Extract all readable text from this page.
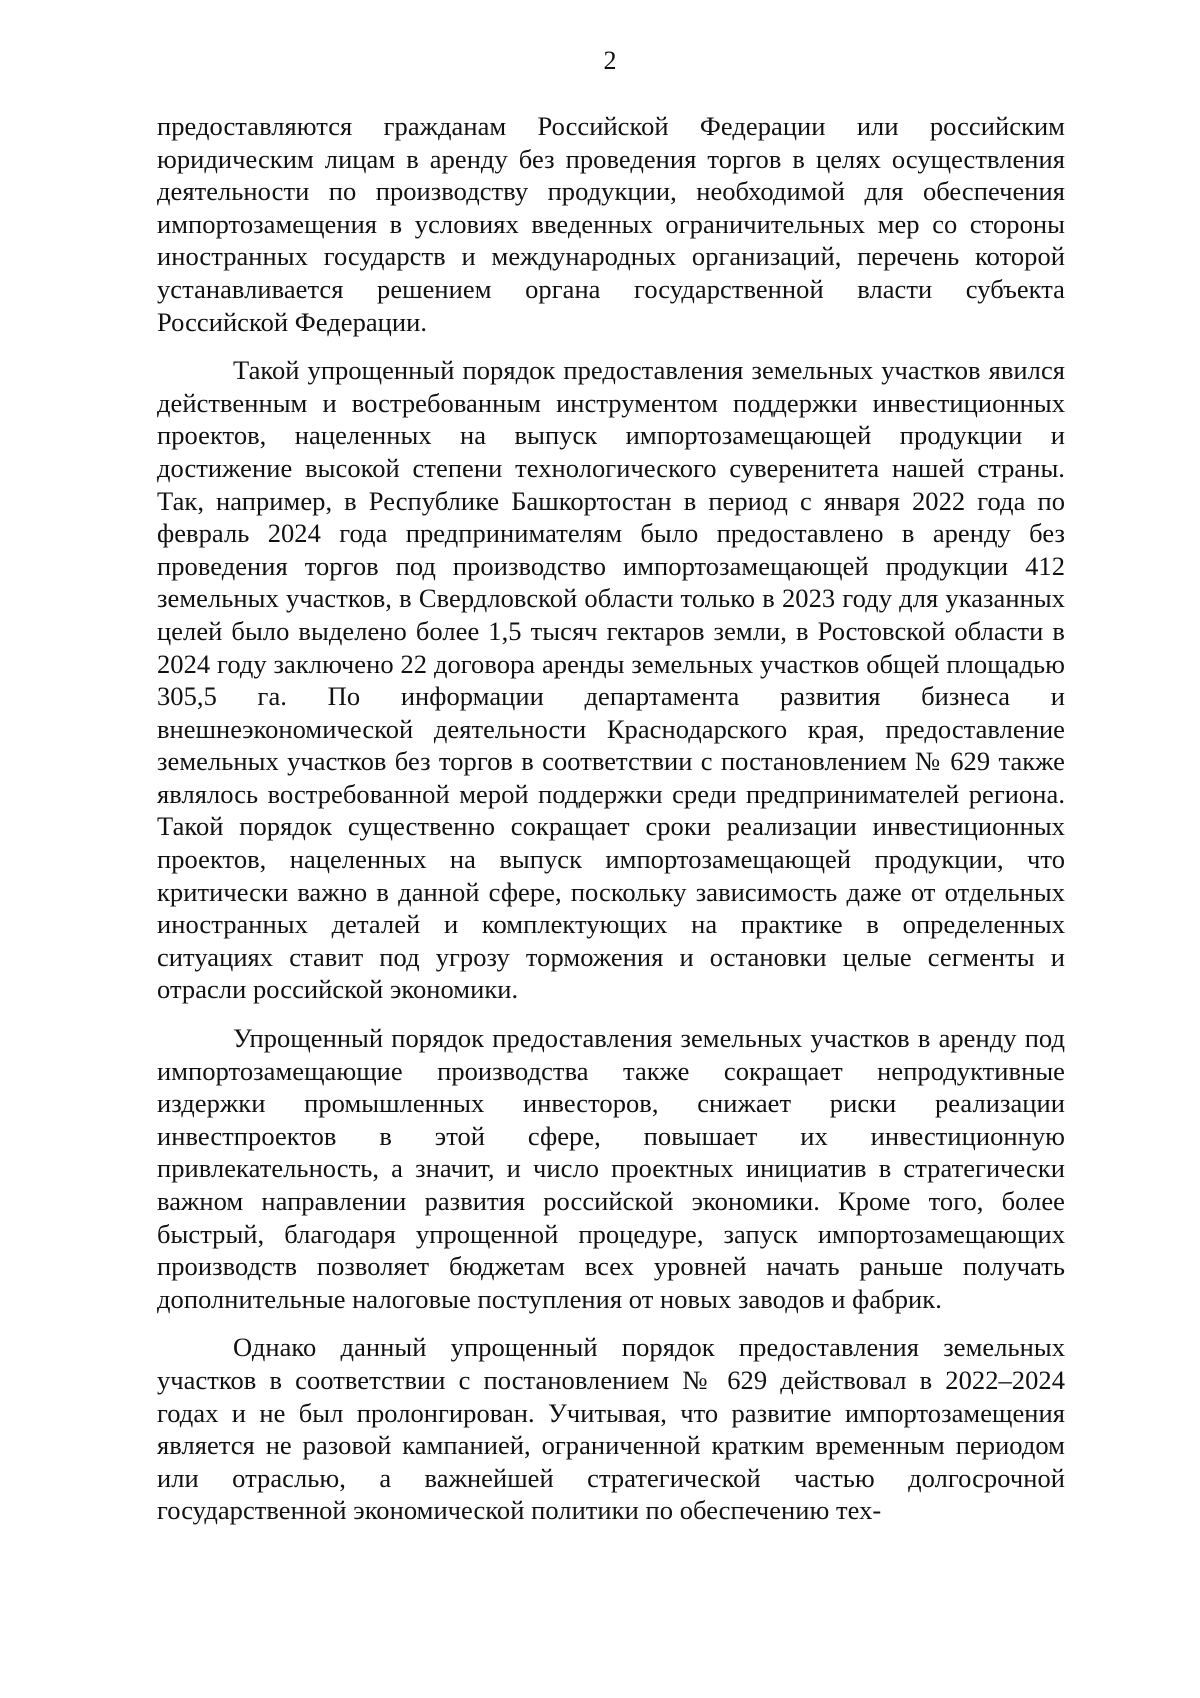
2

предоставляются гражданам Российской Федерации или российским юридическим лицам в аренду без проведения торгов в целях осуществления деятельности по производству продукции, необходимой для обеспечения импортозамещения в условиях введенных ограничительных мер со стороны иностранных государств и международных организаций, перечень которой устанавливается решением органа государственной власти субъекта Российской Федерации.

Такой упрощенный порядок предоставления земельных участков явился действенным и востребованным инструментом поддержки инвестиционных проектов, нацеленных на выпуск импортозамещающей продукции и достижение высокой степени технологического суверенитета нашей страны. Так, например, в Республике Башкортостан в период с января 2022 года по февраль 2024 года предпринимателям было предоставлено в аренду без проведения торгов под производство импортозамещающей продукции 412 земельных участков, в Свердловской области только в 2023 году для указанных целей было выделено более 1,5 тысяч гектаров земли, в Ростовской области в 2024 году заключено 22 договора аренды земельных участков общей площадью 305,5 га. По информации департамента развития бизнеса и внешнеэкономической деятельности Краснодарского края, предоставление земельных участков без торгов в соответствии с постановлением № 629 также являлось востребованной мерой поддержки среди предпринимателей региона. Такой порядок существенно сокращает сроки реализации инвестиционных проектов, нацеленных на выпуск импортозамещающей продукции, что критически важно в данной сфере, поскольку зависимость даже от отдельных иностранных деталей и комплектующих на практике в определенных ситуациях ставит под угрозу торможения и остановки целые сегменты и отрасли российской экономики.

Упрощенный порядок предоставления земельных участков в аренду под импортозамещающие производства также сокращает непродуктивные издержки промышленных инвесторов, снижает риски реализации инвестпроектов в этой сфере, повышает их инвестиционную привлекательность, а значит, и число проектных инициатив в стратегически важном направлении развития российской экономики. Кроме того, более быстрый, благодаря упрощенной процедуре, запуск импортозамещающих производств позволяет бюджетам всех уровней начать раньше получать дополнительные налоговые поступления от новых заводов и фабрик.

Однако данный упрощенный порядок предоставления земельных участков в соответствии с постановлением № 629 действовал в 2022–2024 годах и не был пролонгирован. Учитывая, что развитие импортозамещения является не разовой кампанией, ограниченной кратким временным периодом или отраслью, а важнейшей стратегической частью долгосрочной государственной экономической политики по обеспечению тех-
